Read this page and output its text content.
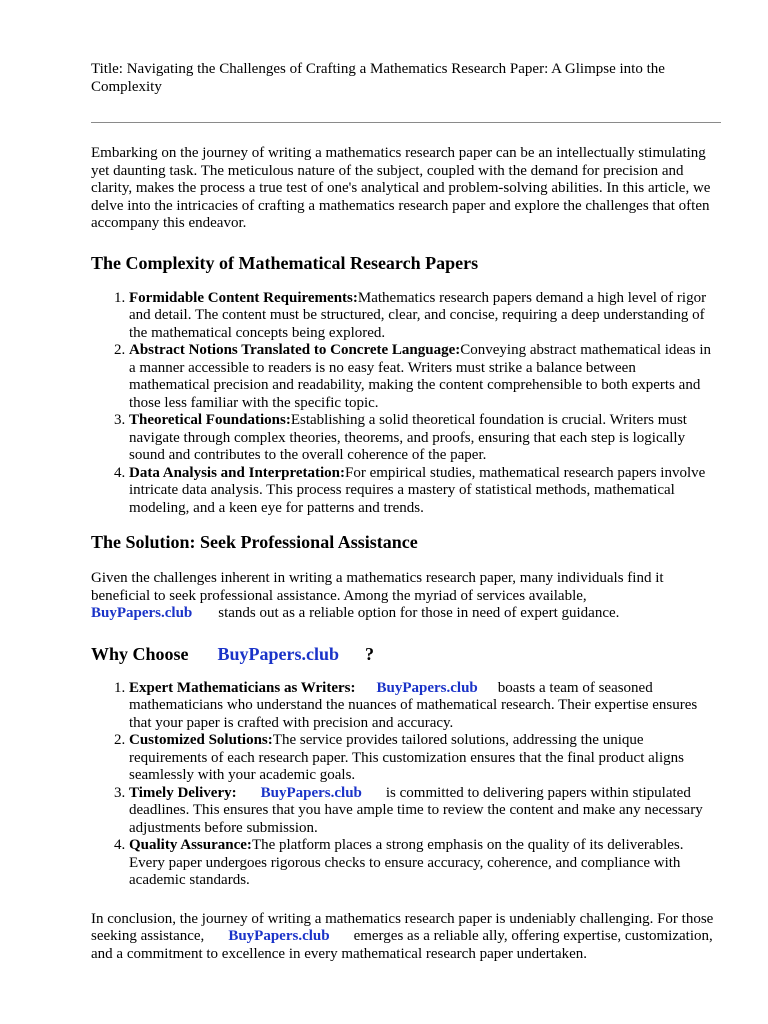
Title: Navigating the Challenges of Crafting a Mathematics Research Paper: A Glimpse into the Complexity

Embarking on the journey of writing a mathematics research paper can be an intellectually stimulating yet daunting task. The meticulous nature of the subject, coupled with the demand for precision and clarity, makes the process a true test of one's analytical and problem-solving abilities. In this article, we delve into the intricacies of crafting a mathematics research paper and explore the challenges that often accompany this endeavor.

The Complexity of Mathematical Research Papers
1. Formidable Content Requirements:Mathematics research papers demand a high level of rigor and detail. The content must be structured, clear, and concise, requiring a deep understanding of the mathematical concepts being explored.
2. Abstract Notions Translated to Concrete Language:Conveying abstract mathematical ideas in a manner accessible to readers is no easy feat. Writers must strike a balance between mathematical precision and readability, making the content comprehensible to both experts and those less familiar with the specific topic.
3. Theoretical Foundations:Establishing a solid theoretical foundation is crucial. Writers must navigate through complex theories, theorems, and proofs, ensuring that each step is logically sound and contributes to the overall coherence of the paper.
4. Data Analysis and Interpretation:For empirical studies, mathematical research papers involve intricate data analysis. This process requires a mastery of statistical methods, mathematical modeling, and a keen eye for patterns and trends.
The Solution: Seek Professional Assistance

Given the challenges inherent in writing a mathematics research paper, many individuals find it beneficial to seek professional assistance. Among the myriad of services available,
BuyPapers.club stands out as a reliable option for those in need of expert guidance.

Why Choose BuyPapers.club ?
1. Expert Mathematicians as Writers: BuyPapers.club boasts a team of seasoned mathematicians who understand the nuances of mathematical research. Their expertise ensures that your paper is crafted with precision and accuracy.
2. Customized Solutions:The service provides tailored solutions, addressing the unique requirements of each research paper. This customization ensures that the final product aligns seamlessly with your academic goals.
3. Timely Delivery: BuyPapers.club is committed to delivering papers within stipulated deadlines. This ensures that you have ample time to review the content and make any necessary adjustments before submission.
4. Quality Assurance:The platform places a strong emphasis on the quality of its deliverables. Every paper undergoes rigorous checks to ensure accuracy, coherence, and compliance with academic standards.

In conclusion, the journey of writing a mathematics research paper is undeniably challenging. For those seeking assistance, BuyPapers.club emerges as a reliable ally, offering expertise, customization, and a commitment to excellence in every mathematical research paper undertaken.
